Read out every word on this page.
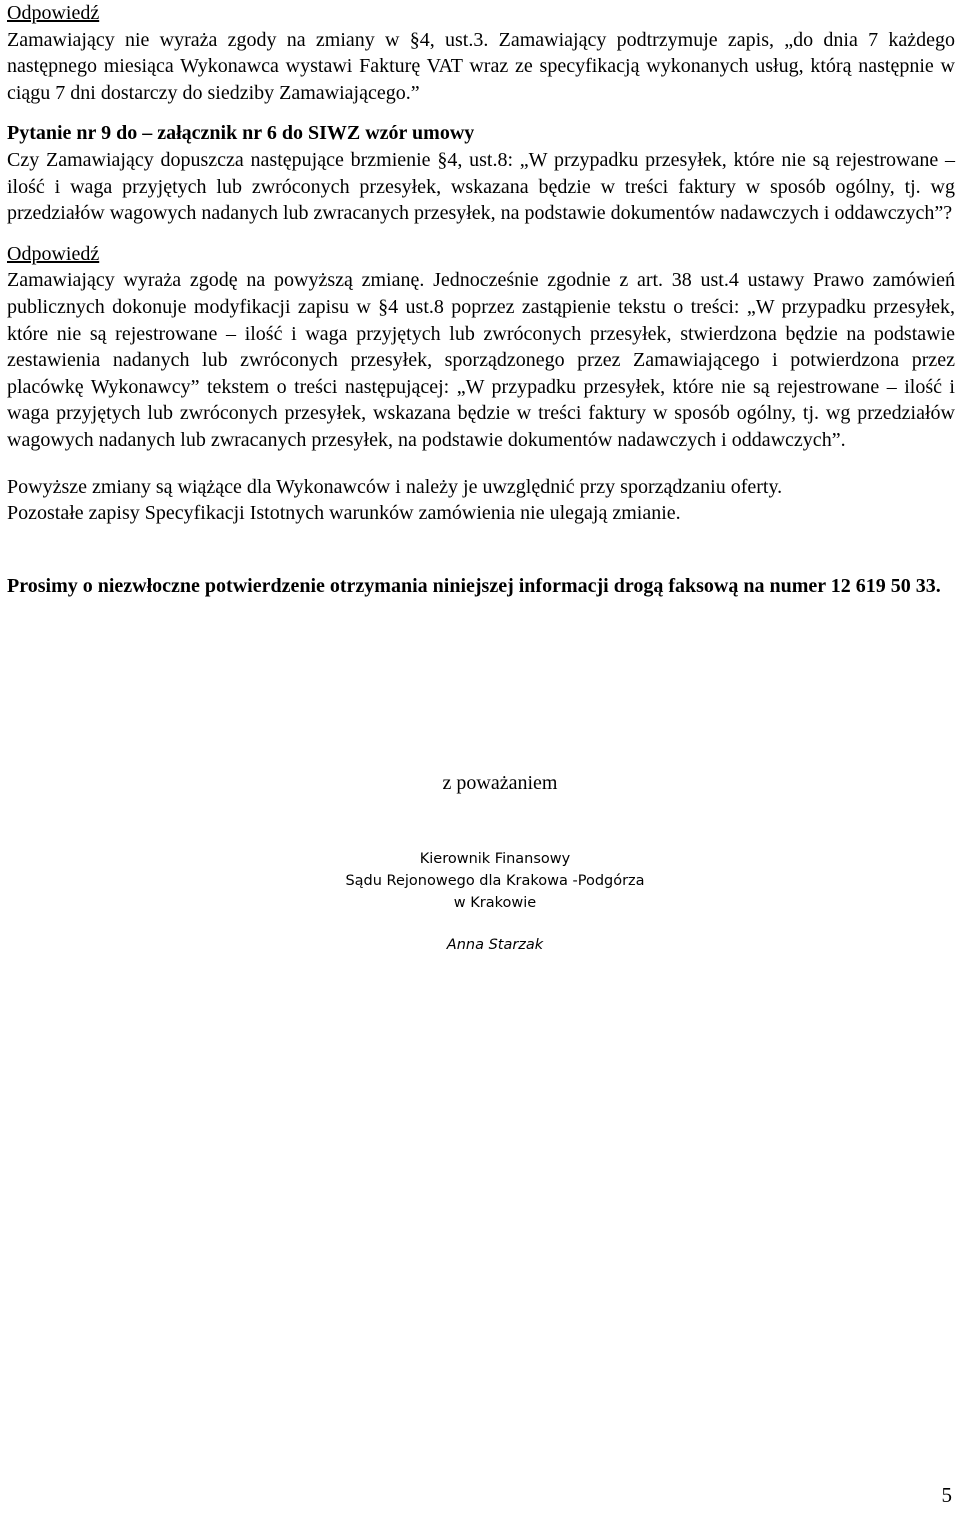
Odpowiedź

Zamawiający nie wyraża zgody na zmiany w §4, ust.3. Zamawiający podtrzymuje zapis, „do dnia 7 każdego następnego miesiąca Wykonawca wystawi Fakturę VAT wraz ze specyfikacją wykonanych usług, którą następnie w ciągu 7 dni dostarczy do siedziby Zamawiającego.”

Pytanie nr 9 do – załącznik nr 6 do SIWZ wzór umowy

Czy Zamawiający dopuszcza następujące brzmienie §4, ust.8: „W przypadku przesyłek, które nie są rejestrowane – ilość i waga przyjętych lub zwróconych przesyłek, wskazana będzie w treści faktury w sposób ogólny, tj. wg przedziałów wagowych nadanych lub zwracanych przesyłek, na podstawie dokumentów nadawczych i oddawczych”?

Odpowiedź

Zamawiający wyraża zgodę na powyższą zmianę. Jednocześnie zgodnie z art. 38 ust.4 ustawy Prawo zamówień publicznych dokonuje modyfikacji zapisu w §4 ust.8 poprzez zastąpienie tekstu o treści: „W przypadku przesyłek, które nie są rejestrowane – ilość i waga przyjętych lub zwróconych przesyłek, stwierdzona będzie na podstawie zestawienia nadanych lub zwróconych przesyłek, sporządzonego przez Zamawiającego i potwierdzona przez placówkę Wykonawcy” tekstem o treści następującej: „W przypadku przesyłek, które nie są rejestrowane – ilość i waga przyjętych lub zwróconych przesyłek, wskazana będzie w treści faktury w sposób ogólny, tj. wg przedziałów wagowych nadanych lub zwracanych przesyłek, na podstawie dokumentów nadawczych i oddawczych”.

Powyższe zmiany są wiążące dla Wykonawców i należy je uwzględnić przy sporządzaniu oferty.

Pozostałe zapisy Specyfikacji Istotnych warunków zamówienia nie ulegają zmianie.

Prosimy o niezwłoczne potwierdzenie otrzymania niniejszej informacji drogą faksową na numer 12 619 50 33.

z poważaniem
Kierownik Finansowy
Sądu Rejonowego dla Krakowa -Podgórza
w Krakowie
Anna Starzak
5
